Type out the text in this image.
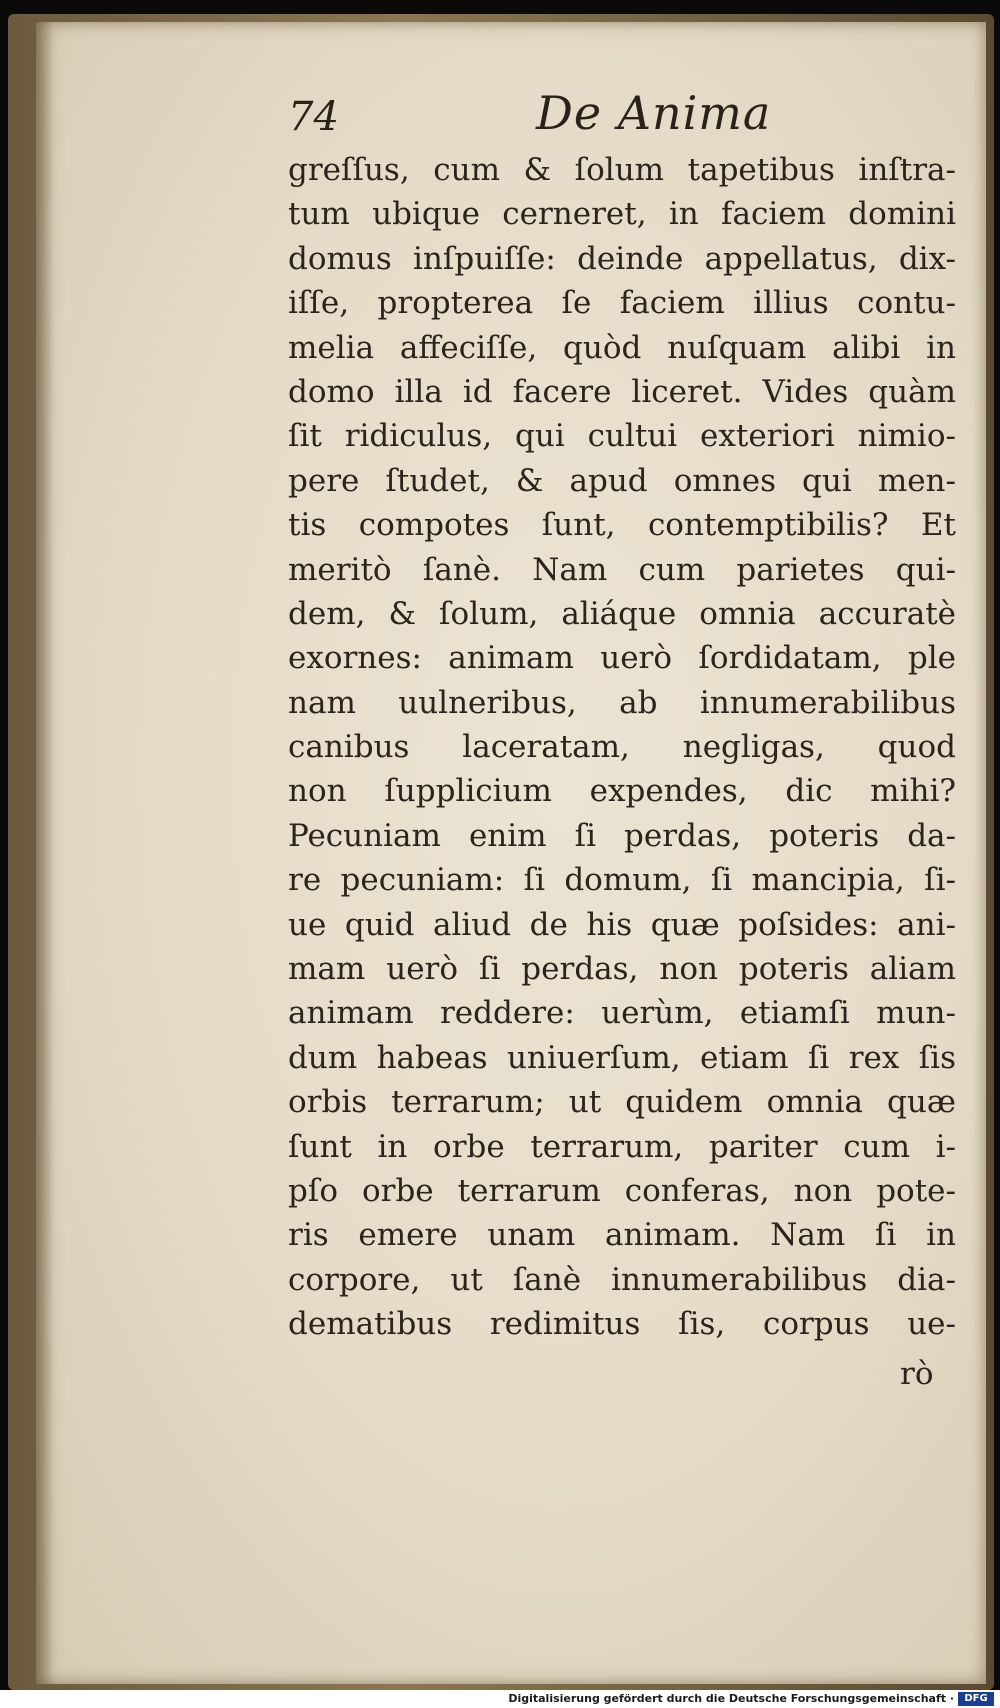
74	De Anima
greſſus, cum & ſolum tapetibus inſtra-
tum ubique cerneret, in faciem domini
domus inſpuiſſe: deinde appellatus, dix-
iſſe, propterea ſe faciem illius contu-
melia affeciſſe, quòd nuſquam alibi in
domo illa id facere liceret. Vides quàm
ſit ridiculus, qui cultui exteriori nimio-
pere ſtudet, & apud omnes qui men-
tis compotes ſunt, contemptibilis? Et
meritò ſanè. Nam cum parietes qui-
dem, & ſolum, aliáque omnia accuratè
exornes: animam uerò ſordidatam, ple
nam uulneribus, ab innumerabilibus
canibus laceratam, negligas, quod
non ſupplicium expendes, dic mihi?
Pecuniam enim ſi perdas, poteris da-
re pecuniam: ſi domum, ſi mancipia, ſi-
ue quid aliud de his quæ poſsides: ani-
mam uerò ſi perdas, non poteris aliam
animam reddere: uerùm, etiamſi mun-
dum habeas uniuerſum, etiam ſi rex ſis
orbis terrarum; ut quidem omnia quæ
ſunt in orbe terrarum, pariter cum i-
pſo orbe terrarum conferas, non pote-
ris emere unam animam. Nam ſi in
corpore, ut ſanè innumerabilibus dia-
dematibus redimitus ſis, corpus ue-
rò
Digitalisierung gefördert durch die Deutsche Forschungsgemeinschaft ·	DFG
